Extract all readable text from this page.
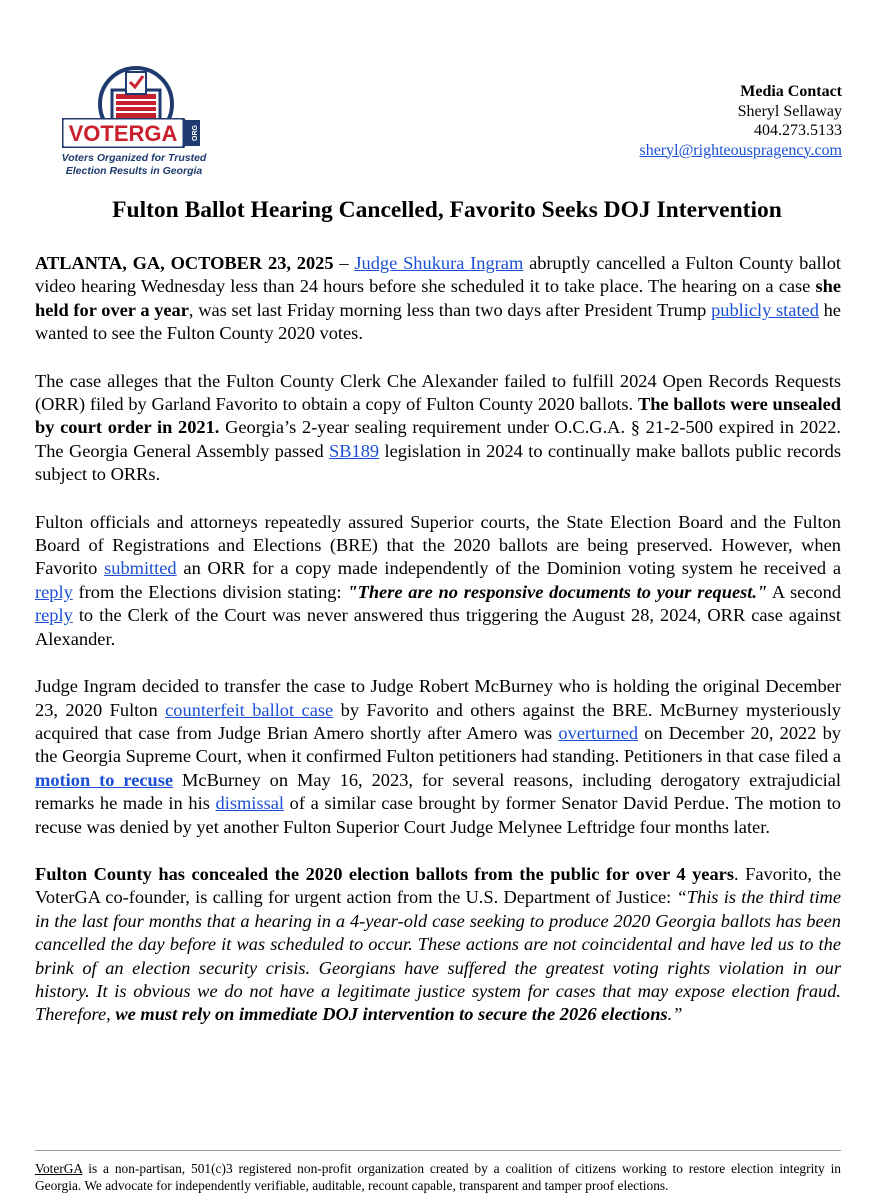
VOTERGA ORG
Voters Organized for Trusted
Election Results in Georgia
Media Contact
Sheryl Sellaway
404.273.5133
sheryl@righteouspragency.com
Fulton Ballot Hearing Cancelled, Favorito Seeks DOJ Intervention

ATLANTA, GA, OCTOBER 23, 2025 – Judge Shukura Ingram abruptly cancelled a Fulton County ballot video hearing Wednesday less than 24 hours before she scheduled it to take place. The hearing on a case she held for over a year, was set last Friday morning less than two days after President Trump publicly stated he wanted to see the Fulton County 2020 votes.

The case alleges that the Fulton County Clerk Che Alexander failed to fulfill 2024 Open Records Requests (ORR) filed by Garland Favorito to obtain a copy of Fulton County 2020 ballots. The ballots were unsealed by court order in 2021. Georgia’s 2-year sealing requirement under O.C.G.A. § 21-2-500 expired in 2022. The Georgia General Assembly passed SB189 legislation in 2024 to continually make ballots public records subject to ORRs.

Fulton officials and attorneys repeatedly assured Superior courts, the State Election Board and the Fulton Board of Registrations and Elections (BRE) that the 2020 ballots are being preserved. However, when Favorito submitted an ORR for a copy made independently of the Dominion voting system he received a reply from the Elections division stating: "There are no responsive documents to your request." A second reply to the Clerk of the Court was never answered thus triggering the August 28, 2024, ORR case against Alexander.

Judge Ingram decided to transfer the case to Judge Robert McBurney who is holding the original December 23, 2020 Fulton counterfeit ballot case by Favorito and others against the BRE. McBurney mysteriously acquired that case from Judge Brian Amero shortly after Amero was overturned on December 20, 2022 by the Georgia Supreme Court, when it confirmed Fulton petitioners had standing. Petitioners in that case filed a motion to recuse McBurney on May 16, 2023, for several reasons, including derogatory extrajudicial remarks he made in his dismissal of a similar case brought by former Senator David Perdue. The motion to recuse was denied by yet another Fulton Superior Court Judge Melynee Leftridge four months later.

Fulton County has concealed the 2020 election ballots from the public for over 4 years. Favorito, the VoterGA co-founder, is calling for urgent action from the U.S. Department of Justice: “This is the third time in the last four months that a hearing in a 4-year-old case seeking to produce 2020 Georgia ballots has been cancelled the day before it was scheduled to occur. These actions are not coincidental and have led us to the brink of an election security crisis. Georgians have suffered the greatest voting rights violation in our history. It is obvious we do not have a legitimate justice system for cases that may expose election fraud. Therefore, we must rely on immediate DOJ intervention to secure the 2026 elections.”

VoterGA is a non-partisan, 501(c)3 registered non-profit organization created by a coalition of citizens working to restore election integrity in Georgia. We advocate for independently verifiable, auditable, recount capable, transparent and tamper proof elections.
